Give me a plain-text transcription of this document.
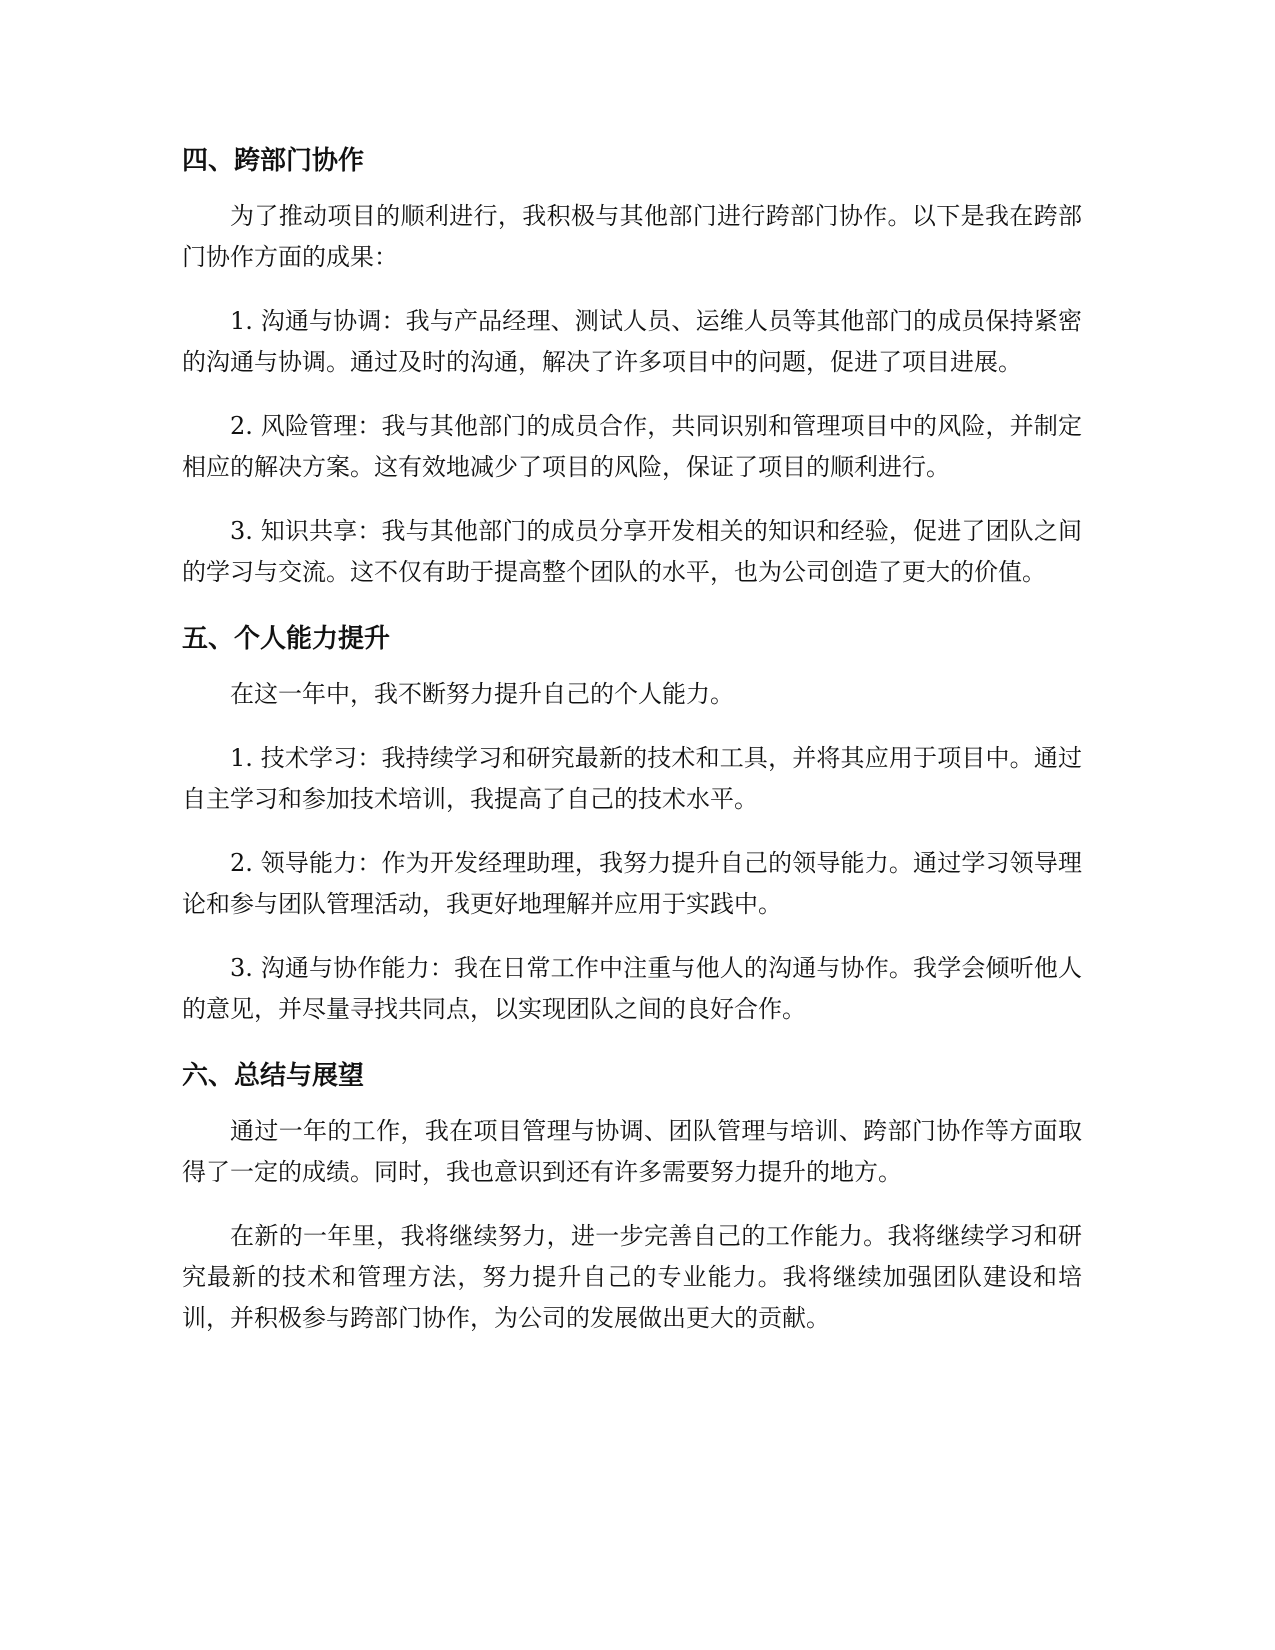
四、跨部门协作

为了推动项目的顺利进行，我积极与其他部门进行跨部门协作。以下是我在跨部门协作方面的成果：

1. 沟通与协调：我与产品经理、测试人员、运维人员等其他部门的成员保持紧密的沟通与协调。通过及时的沟通，解决了许多项目中的问题，促进了项目进展。

2. 风险管理：我与其他部门的成员合作，共同识别和管理项目中的风险，并制定相应的解决方案。这有效地减少了项目的风险，保证了项目的顺利进行。

3. 知识共享：我与其他部门的成员分享开发相关的知识和经验，促进了团队之间的学习与交流。这不仅有助于提高整个团队的水平，也为公司创造了更大的价值。

五、个人能力提升

在这一年中，我不断努力提升自己的个人能力。

1. 技术学习：我持续学习和研究最新的技术和工具，并将其应用于项目中。通过自主学习和参加技术培训，我提高了自己的技术水平。

2. 领导能力：作为开发经理助理，我努力提升自己的领导能力。通过学习领导理论和参与团队管理活动，我更好地理解并应用于实践中。

3. 沟通与协作能力：我在日常工作中注重与他人的沟通与协作。我学会倾听他人的意见，并尽量寻找共同点，以实现团队之间的良好合作。

六、总结与展望

通过一年的工作，我在项目管理与协调、团队管理与培训、跨部门协作等方面取得了一定的成绩。同时，我也意识到还有许多需要努力提升的地方。

在新的一年里，我将继续努力，进一步完善自己的工作能力。我将继续学习和研究最新的技术和管理方法，努力提升自己的专业能力。我将继续加强团队建设和培训，并积极参与跨部门协作，为公司的发展做出更大的贡献。
